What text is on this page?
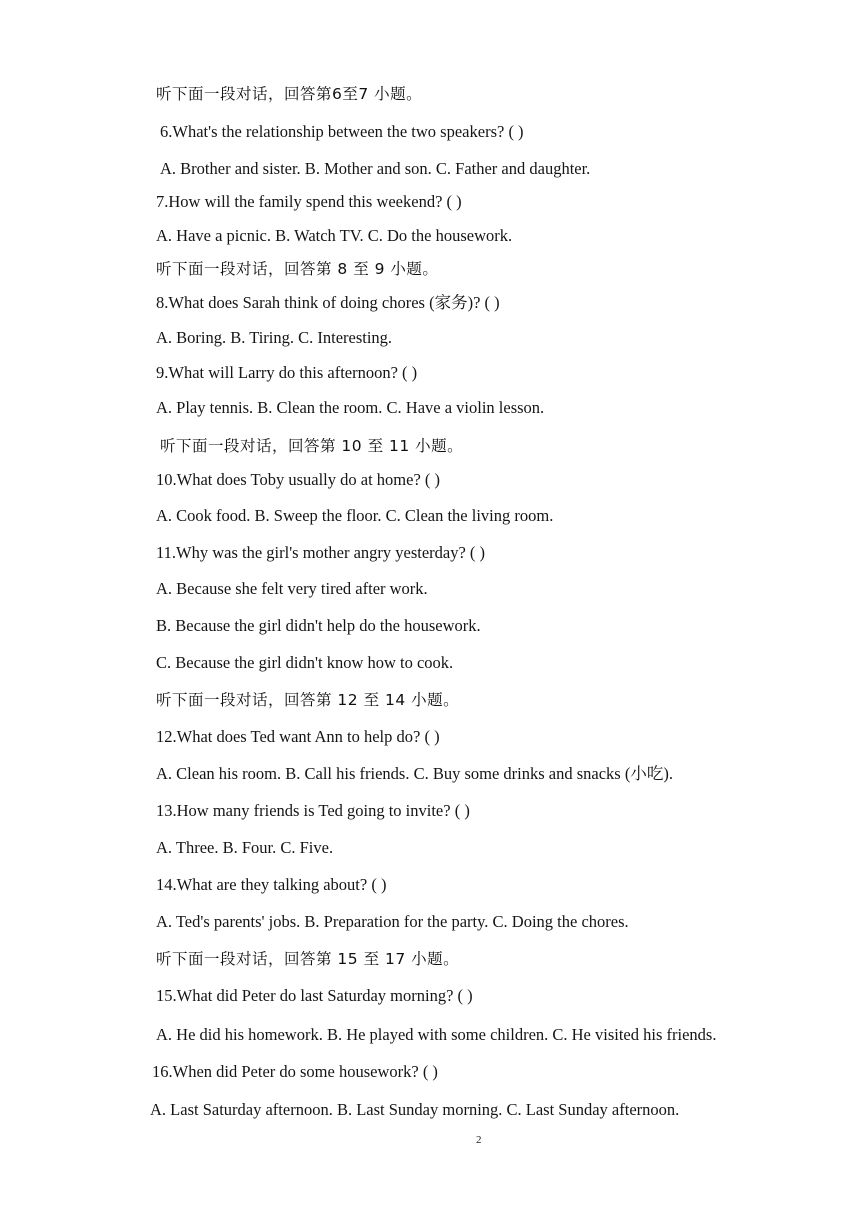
听下面一段对话，回答第6至7 小题。
6.What's the relationship between the two speakers? ( )
A. Brother and sister. B. Mother and son. C. Father and daughter.
7.How will the family spend this weekend? ( )
A. Have a picnic. B. Watch TV. C. Do the housework.
听下面一段对话，回答第 8 至 9 小题。
8.What does Sarah think of doing chores (家务)? ( )
A. Boring. B. Tiring. C. Interesting.
9.What will Larry do this afternoon? ( )
A. Play tennis. B. Clean the room. C. Have a violin lesson.
听下面一段对话，回答第 10 至 11 小题。
10.What does Toby usually do at home? ( )
A. Cook food. B. Sweep the floor. C. Clean the living room.
11.Why was the girl's mother angry yesterday? ( )
A. Because she felt very tired after work.
B. Because the girl didn't help do the housework.
C. Because the girl didn't know how to cook.
听下面一段对话，回答第 12 至 14 小题。
12.What does Ted want Ann to help do? ( )
A. Clean his room. B. Call his friends. C. Buy some drinks and snacks (小吃).
13.How many friends is Ted going to invite? ( )
A. Three. B. Four. C. Five.
14.What are they talking about? ( )
A. Ted's parents' jobs. B. Preparation for the party. C. Doing the chores.
听下面一段对话，回答第 15 至 17 小题。
15.What did Peter do last Saturday morning? ( )
A. He did his homework. B. He played with some children. C. He visited his friends.
16.When did Peter do some housework? ( )
A. Last Saturday afternoon. B. Last Sunday morning. C. Last Sunday afternoon.
2
